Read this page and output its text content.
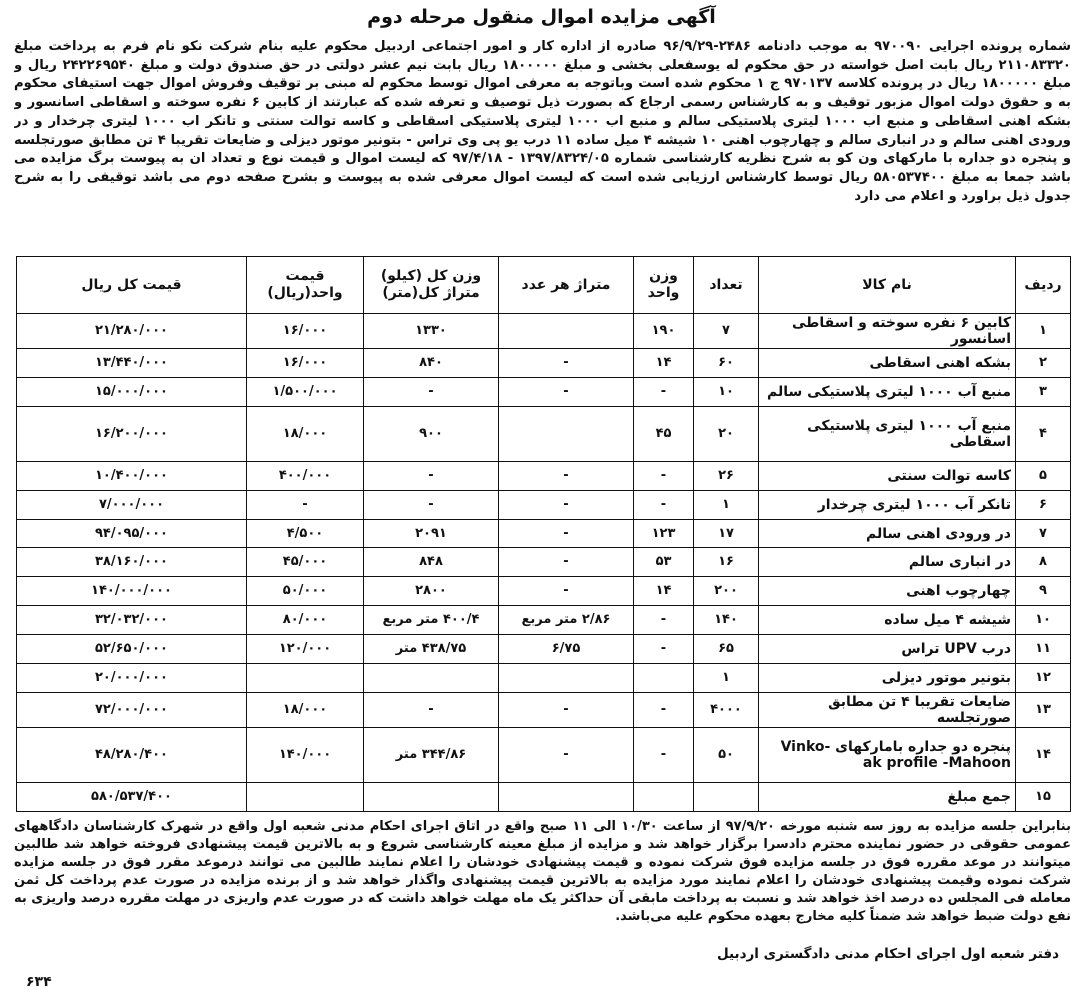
آگهی مزایده اموال منقول مرحله دوم
شماره پرونده اجرایی ۹۷۰۰۹۰ به موجب دادنامه ۲۴۸۶-۹۶/۹/۲۹ صادره از اداره کار و امور اجتماعی اردبیل محکوم علیه بنام شرکت نکو نام فرم به پرداخت مبلغ ۲۱۱۰۸۳۳۲۰ ریال بابت اصل خواسته در حق محکوم له یوسفعلی بخشی و مبلغ ۱۸۰۰۰۰۰ ریال بابت نیم عشر دولتی در حق صندوق دولت و مبلغ ۲۴۲۲۶۹۵۴۰ ریال و مبلغ ۱۸۰۰۰۰۰ ریال در پرونده کلاسه ۹۷۰۱۳۷ ج ۱ محکوم شده است وباتوجه به معرفی اموال توسط محکوم له مبنی بر توقیف وفروش اموال جهت استیفای محکوم به و حقوق دولت اموال مزبور توقیف و به کارشناس رسمی ارجاع که بصورت ذیل توصیف و تعرفه شده که عبارتند از کابین ۶ نفره سوخته و اسقاطی اسانسور و بشکه اهنی اسقاطی و منبع اب ۱۰۰۰ لیتری پلاستیکی سالم و منبع اب ۱۰۰۰ لیتری پلاستیکی اسقاطی و کاسه توالت سنتی و تانکر اب ۱۰۰۰ لیتری چرخدار و در ورودی اهنی سالم و در انباری سالم و چهارچوب اهنی ۱۰ شیشه ۴ میل ساده ۱۱ درب یو پی وی تراس - بتونیر موتور دیزلی و ضایعات تقریبا ۴ تن مطابق صورتجلسه و پنجره دو جداره با مارکهای ون کو به شرح نظریه کارشناسی شماره ۱۳۹۷/۸۳۲۴/۰۵ - ۹۷/۴/۱۸ که لیست اموال و قیمت نوع و تعداد ان به پیوست برگ مزایده می باشد جمعا به مبلغ ۵۸۰۵۳۷۴۰۰ ریال توسط کارشناس ارزیابی شده است که لیست اموال معرفی شده به پیوست و بشرح صفحه دوم می باشد توقیفی را به شرح جدول ذیل براورد و اعلام می دارد
ردیف	نام کالا	تعداد	وزن واحد	متراژ هر عدد	وزن کل (کیلو) متراژ کل(متر)	قیمت واحد(ریال)	قیمت کل ریال
۱	کابین ۶ نفره سوخته و اسقاطی اسانسور	۷	۱۹۰		۱۳۳۰	۱۶/۰۰۰	۲۱/۲۸۰/۰۰۰
۲	بشکه اهنی اسقاطی	۶۰	۱۴	-	۸۴۰	۱۶/۰۰۰	۱۳/۴۴۰/۰۰۰
۳	منبع آب ۱۰۰۰ لیتری پلاستیکی سالم	۱۰	-	-	-	۱/۵۰۰/۰۰۰	۱۵/۰۰۰/۰۰۰
۴	منبع آب ۱۰۰۰ لیتری پلاستیکی اسقاطی	۲۰	۴۵		۹۰۰	۱۸/۰۰۰	۱۶/۲۰۰/۰۰۰
۵	کاسه توالت سنتی	۲۶	-	-	-	۴۰۰/۰۰۰	۱۰/۴۰۰/۰۰۰
۶	تانکر آب ۱۰۰۰ لیتری چرخدار	۱	-	-	-	-	۷/۰۰۰/۰۰۰
۷	در ورودی اهنی سالم	۱۷	۱۲۳	-	۲۰۹۱	۴/۵۰۰	۹۴/۰۹۵/۰۰۰
۸	در انباری سالم	۱۶	۵۳	-	۸۴۸	۴۵/۰۰۰	۳۸/۱۶۰/۰۰۰
۹	چهارچوب اهنی	۲۰۰	۱۴	-	۲۸۰۰	۵۰/۰۰۰	۱۴۰/۰۰۰/۰۰۰
۱۰	شیشه ۴ میل ساده	۱۴۰	-	۲/۸۶ متر مربع	۴۰۰/۴ متر مربع	۸۰/۰۰۰	۳۲/۰۳۲/۰۰۰
۱۱	درب UPV تراس	۶۵	-	۶/۷۵	۴۳۸/۷۵ متر	۱۲۰/۰۰۰	۵۲/۶۵۰/۰۰۰
۱۲	بتونیر موتور دیزلی	۱					۲۰/۰۰۰/۰۰۰
۱۳	ضایعات تقریبا ۴ تن مطابق صورتجلسه	۴۰۰۰	-	-	-	۱۸/۰۰۰	۷۲/۰۰۰/۰۰۰
۱۴	پنجره دو جداره بامارکهای Vinko-ak profile -Mahoon	۵۰	-	-	۳۴۴/۸۶ متر	۱۴۰/۰۰۰	۴۸/۲۸۰/۴۰۰
۱۵	جمع مبلغ						۵۸۰/۵۳۷/۴۰۰
بنابراین جلسه مزایده به روز سه شنبه مورخه ۹۷/۹/۲۰ از ساعت ۱۰/۳۰ الی ۱۱ صبح واقع در اتاق اجرای احکام مدنی شعبه اول واقع در شهرک کارشناسان دادگاههای عمومی حقوقی در حضور نماینده محترم دادسرا برگزار خواهد شد و مزایده از مبلغ معینه کارشناسی شروع و به بالاترین قیمت پیشنهادی فروخته خواهد شد طالبین میتوانند در موعد مقرره فوق در جلسه مزایده فوق شرکت نموده و قیمت پیشنهادی خودشان را اعلام نمایند طالبین می توانند درموعد مقرر فوق در جلسه مزایده شرکت نموده وقیمت پیشنهادی خودشان را اعلام نمایند مورد مزایده به بالاترین قیمت پیشنهادی واگذار خواهد شد و از برنده مزایده در صورت عدم پرداخت کل ثمن معامله فی المجلس ده درصد اخذ خواهد شد و نسبت به پرداخت مابقی آن حداکثر یک ماه مهلت خواهد داشت که در صورت عدم واریزی در مهلت مقرره درصد واریزی به نفع دولت ضبط خواهد شد ضمناً کلیه مخارج بعهده محکوم علیه می‌باشد.
دفتر شعبه اول اجرای احکام مدنی دادگستری اردبیل
۶۳۴
